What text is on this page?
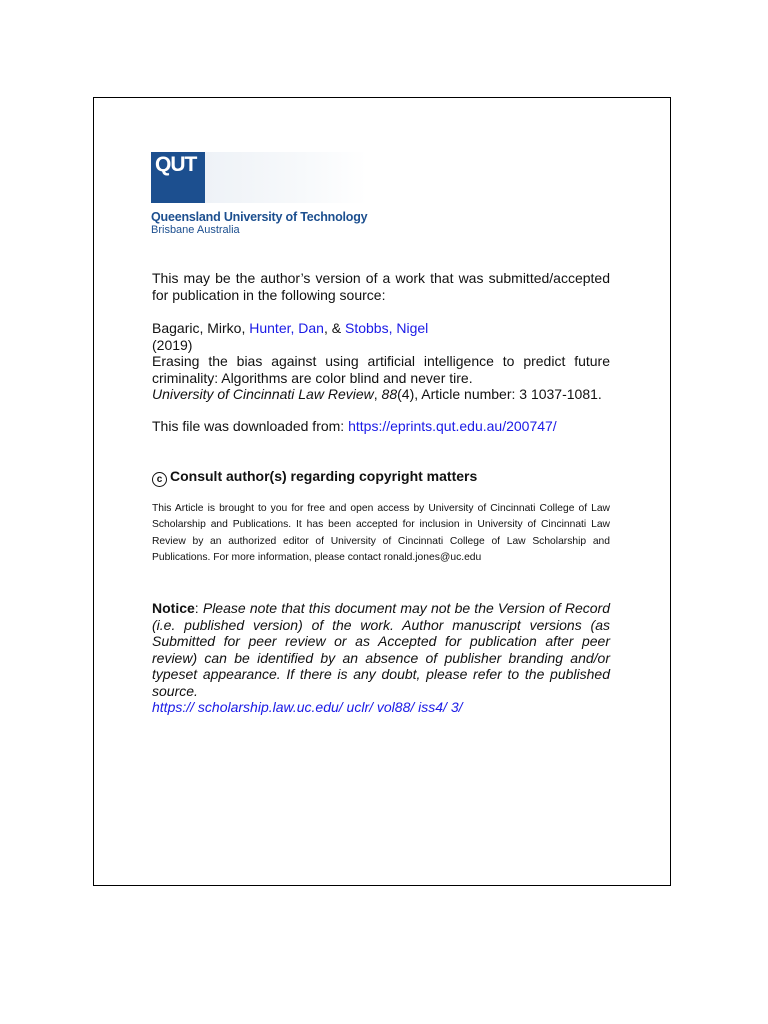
QUT
Queensland University of Technology
Brisbane Australia

This may be the author’s version of a work that was submitted/accepted for publication in the following source:

Bagaric, Mirko, Hunter, Dan, & Stobbs, Nigel

(2019)

Erasing the bias against using artificial intelligence to predict future criminality: Algorithms are color blind and never tire.

University of Cincinnati Law Review, 88(4), Article number: 3 1037-1081.

This file was downloaded from: https://eprints.qut.edu.au/200747/
c Consult author(s) regarding copyright matters
This Article is brought to you for free and open access by University of Cincinnati College of Law Scholarship and Publications. It has been accepted for inclusion in University of Cincinnati Law Review by an authorized editor of University of Cincinnati College of Law Scholarship and Publications. For more information, please contact ronald.jones@uc.edu
Notice: Please note that this document may not be the Version of Record (i.e. published version) of the work. Author manuscript versions (as Submitted for peer review or as Accepted for publication after peer review) can be identified by an absence of publisher branding and/or typeset appearance. If there is any doubt, please refer to the published source.
https:// scholarship.law.uc.edu/ uclr/ vol88/ iss4/ 3/
